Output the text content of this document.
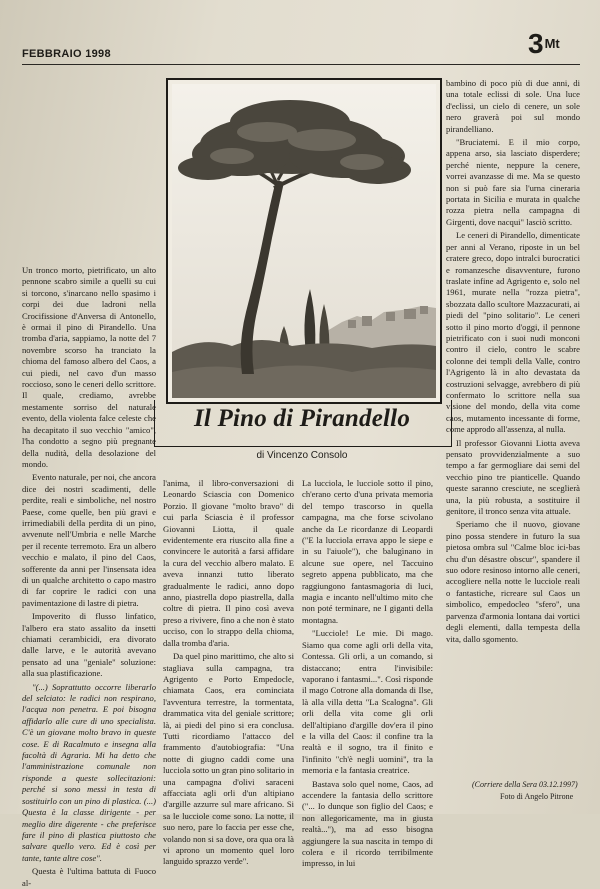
FEBBRAIO 1998	$3^{Mt}$
Il Pino di Pirandello
di Vincenzo Consolo

Un tronco morto, pietrificato, un alto pennone scabro simile a quelli su cui si torcono, s'inarcano nello spasimo i corpi dei due ladroni nella Crocifissione d'Anversa di Antonello, è ormai il pino di Pirandello. Una tromba d'aria, sappiamo, la notte del 7 novembre scorso ha tranciato la chioma del famoso albero del Caos, a cui piedi, nel cavo d'un masso roccioso, sono le ceneri dello scrittore. Il quale, crediamo, avrebbe mestamente sorriso del naturale evento, della violenta falce celeste che ha decapitato il suo vecchio "amico", l'ha condotto a segno più pregnante della nudità, della desolazione del mondo.

Evento naturale, per noi, che ancora dice dei nostri scadimenti, delle perdite, reali e simboliche, nel nostro Paese, come quelle, ben più gravi e irrimediabili della perdita di un pino, avvenute nell'Umbria e nelle Marche per il recente terremoto. Era un albero vecchio e malato, il pino del Caos, sofferente da anni per l'insensata idea di un qualche architetto o capo mastro di far coprire le radici con una pavimentazione di lastre di pietra.

Impoverito di flusso linfatico, l'albero era stato assalito da insetti chiamati cerambicidi, era divorato dalle larve, e le autorità avevano pensato ad una "geniale" soluzione: alla sua plastificazione.

"(...) Soprattutto occorre liberarlo del selciato: le radici non respirano, l'acqua non penetra. E poi bisogna affidarlo alle cure di uno specialista. C'è un giovane molto bravo in queste cose. E di Racalmuto e insegna alla facoltà di Agraria. Mi ha detto che l'amministrazione comunale non risponde a queste sollecitazioni: perché si sono messi in testa di sostituirlo con un pino di plastica. (...) Questa è la classe dirigente - per meglio dire digerente - che preferisce fare il pino di plastica piuttosto che salvare quello vero. Ed è così per tante, tante altre cose".

Questa è l'ultima battuta di Fuoco al-

l'anima, il libro-conversazioni di Leonardo Sciascia con Domenico Porzio. Il giovane "molto bravo" di cui parla Sciascia è il professor Giovanni Liotta, il quale evidentemente era riuscito alla fine a convincere le autorità a farsi affidare la cura del vecchio albero malato. E aveva innanzi tutto liberato gradualmente le radici, anno dopo anno, piastrella dopo piastrella, dalla coltre di pietra. Il pino così aveva preso a rivivere, fino a che non è stato ucciso, con lo strappo della chioma, dalla tromba d'aria.

Da quel pino marittimo, che alto si stagliava sulla campagna, tra Agrigento e Porto Empedocle, chiamata Caos, era cominciata l'avventura terrestre, la tormentata, drammatica vita del geniale scrittore; là, ai piedi del pino si era conclusa. Tutti ricordiamo l'attacco del frammento d'autobiografia: "Una notte di giugno caddi come una lucciola sotto un gran pino solitario in una campagna d'olivi saraceni affacciata agli orli d'un altipiano d'argille azzurre sul mare africano. Si sa le lucciole come sono. La notte, il suo nero, pare lo faccia per esse che, volando non si sa dove, ora qua ora là vi aprono un momento quel loro languido sprazzo verde".

La lucciola, le lucciole sotto il pino, ch'erano certo d'una privata memoria del tempo trascorso in quella campagna, ma che forse scivolano anche da Le ricordanze di Leopardi ("E la lucciola errava appo le siepe e in su l'aiuole"), che balugìnano in alcune sue opere, nel Taccuino segreto appena pubblicato, ma che raggiungono fantasmagoria di luci, magia e incanto nell'ultimo mito che non poté terminare, ne I giganti della montagna.

"Lucciole! Le mie. Di mago. Siamo qua come agli orli della vita, Contessa. Gli orli, a un comando, si distaccano; entra l'invisibile: vaporano i fantasmi...". Così risponde il mago Cotrone alla domanda di Ilse, là alla villa detta "La Scalogna". Gli orli della vita come gli orli dell'altipiano d'argille dov'era il pino e la villa del Caos: il confine tra la realtà e il sogno, tra il finito e l'infinito "ch'è negli uomini", tra la memoria e la fantasia creatrice.

Bastava solo quel nome, Caos, ad accendere la fantasia dello scrittore ("... Io dunque son figlio del Caos; e non allegoricamente, ma in giusta realtà..."), ma ad esso bisogna aggiungere la sua nascita in tempo di colera e il ricordo terribilmente impresso, in lui

bambino di poco più di due anni, di una totale eclissi di sole. Una luce d'eclissi, un cielo di cenere, un sole nero graverà poi sul mondo pirandelliano.

"Bruciatemi. E il mio corpo, appena arso, sia lasciato disperdere; perché niente, neppure la cenere, vorrei avanzasse di me. Ma se questo non si può fare sia l'urna cineraria portata in Sicilia e murata in qualche rozza pietra nella campagna di Girgenti, dove nacqui" lasciò scritto.

Le ceneri di Pirandello, dimenticate per anni al Verano, riposte in un bel cratere greco, dopo intralci burocratici e romanzesche disavventure, furono traslate infine ad Agrigento e, solo nel 1961, murate nella "rozza pietra", sbozzata dallo scultore Mazzacurati, ai piedi del "pino solitario". Le ceneri sotto il pino morto d'oggi, il pennone pietrificato con i suoi nudi monconi contro il cielo, contro le scabre colonne dei templi della Valle, contro l'Agrigento là in alto devastata da costruzioni selvagge, avrebbero di più confermato lo scrittore nella sua visione del mondo, della vita come caos, mutamento incessante di forme, come approdo all'assenza, al nulla.

Il professor Giovanni Liotta aveva pensato provvidenzialmente a suo tempo a far germogliare dai semi del vecchio pino tre pianticelle. Quando queste saranno cresciute, ne sceglierà una, la più robusta, a sostituire il genitore, il tronco senza vita attuale.

Speriamo che il nuovo, giovane pino possa stendere in futuro la sua pietosa ombra sul "Calme bloc ici-bas chu d'un désastre obscur", spandere il suo odore resinoso intorno alle ceneri, accogliere nella notte le lucciole reali o fantastiche, ricreare sul Caos un simbolico, empedocleo "sfero", una parvenza d'armonia lontana dai vortici degli elementi, dalla tempesta della vita, dallo sgomento.

(Corriere della Sera 03.12.1997)
Foto di Angelo Pitrone
